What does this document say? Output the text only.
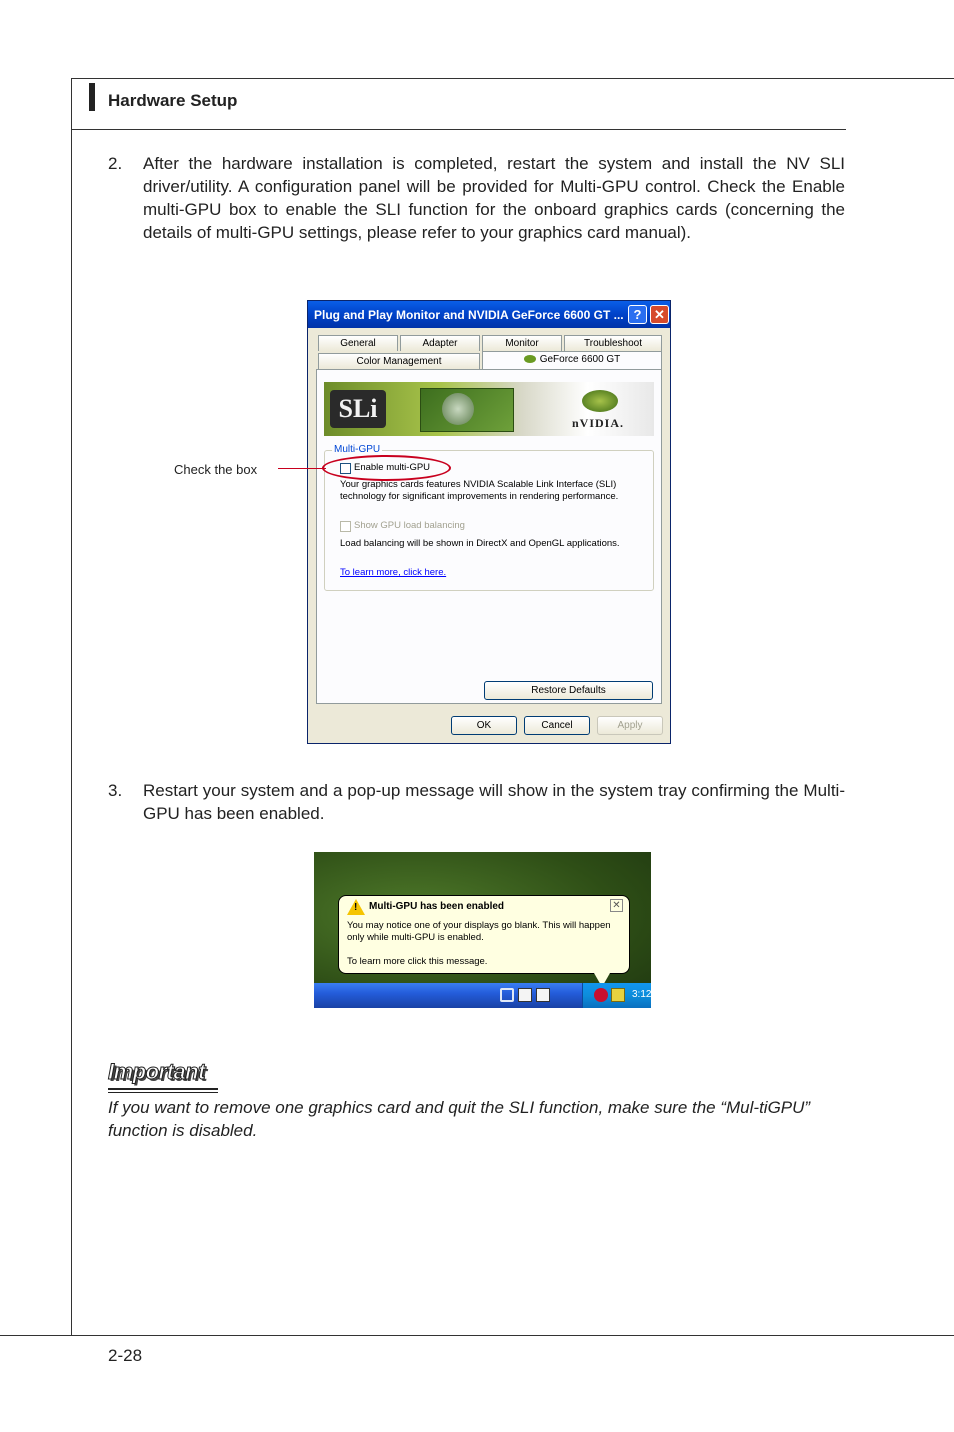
Hardware Setup
2. After the hardware installation is completed, restart the system and install the NV SLI driver/utility. A configuration panel will be provided for Multi-GPU control. Check the Enable multi-GPU box to enable the SLI function for the onboard graphics cards (concerning the details of multi-GPU settings, please refer to your graphics card manual).
Plug and Play Monitor and NVIDIA GeForce 6600 GT ... ? ✕
General	Adapter	Monitor	Troubleshoot
Color Management	GeForce 6600 GT
SLi	nVIDIA.
Multi-GPU
Enable multi-GPU
Your graphics cards features NVIDIA Scalable Link Interface (SLI)
technology for significant improvements in rendering performance.
Show GPU load balancing
Load balancing will be shown in DirectX and OpenGL applications.
To learn more, click here.
Restore Defaults
OK	Cancel	Apply
Check the box
3. Restart your system and a pop-up message will show in the system tray confirming the Multi-GPU has been enabled.
! Multi-GPU has been enabled	✕
You may notice one of your displays go blank. This will happen
only while multi-GPU is enabled.
To learn more click this message.
3:12
Important
If you want to remove one graphics card and quit the SLI function, make sure the “Mul-tiGPU” function is disabled.
2-28
